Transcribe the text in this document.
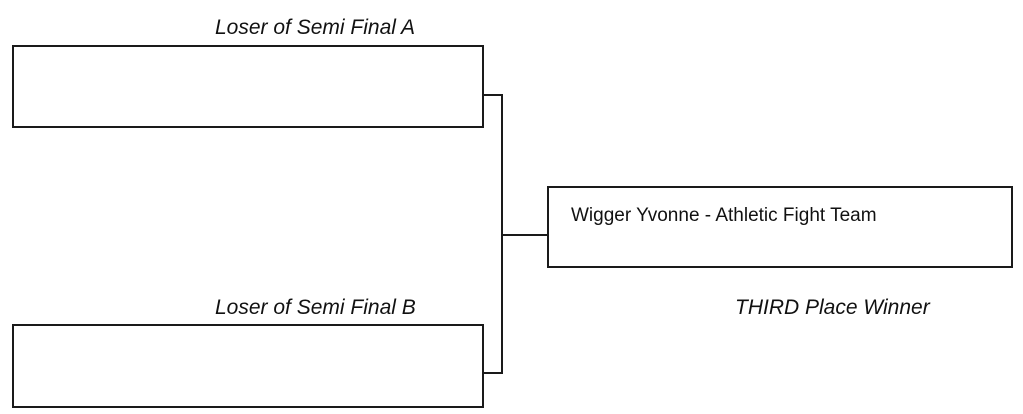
Loser of Semi Final A
Loser of Semi Final B
Wigger Yvonne - Athletic Fight Team
THIRD Place Winner
